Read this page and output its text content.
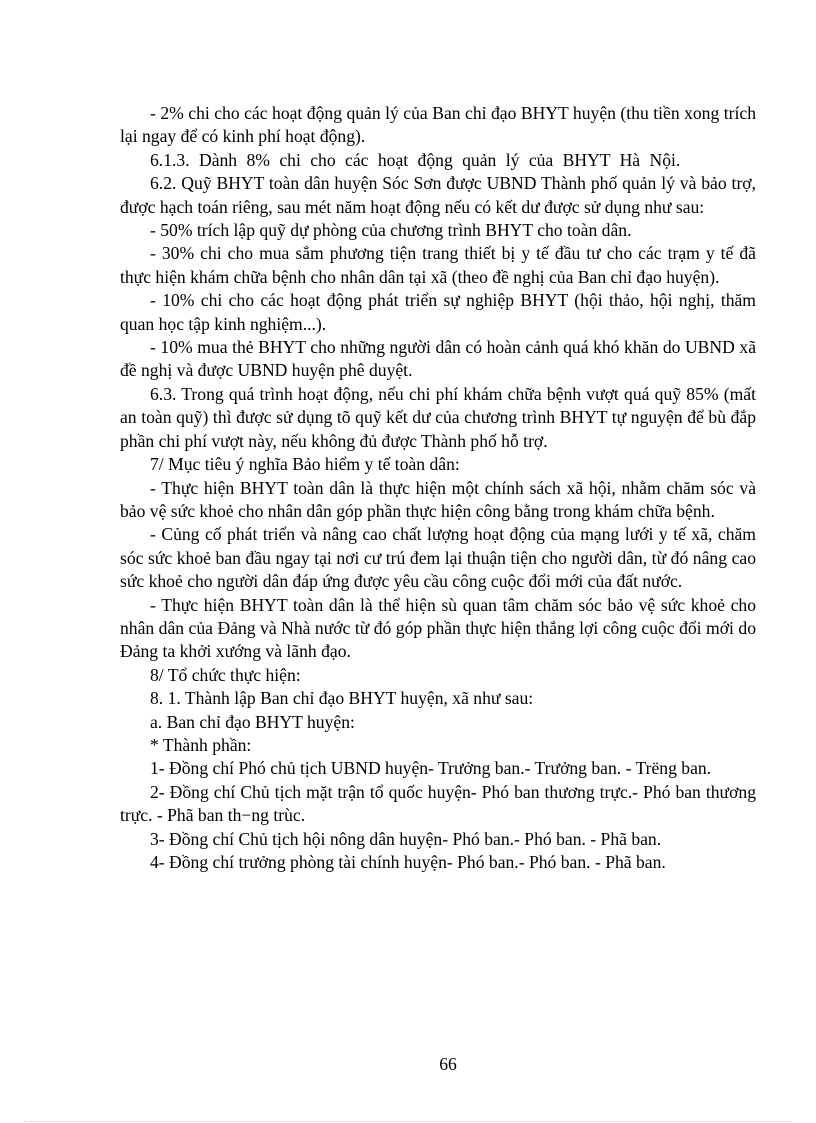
- 2% chi cho các hoạt động quản lý của Ban chỉ đạo BHYT huyện (thu tiền xong trích lại ngay để có kinh phí hoạt động).

6.1.3. Dành 8% chi cho các hoạt động quản lý của BHYT Hà Nội.

6.2. Quỹ BHYT toàn dân huyện Sóc Sơn được UBND Thành phố quản lý và bảo trợ, được hạch toán riêng, sau mét năm hoạt động nếu có kết dư được sử dụng như sau:

- 50% trích lập quỹ dự phòng của chương trình BHYT cho toàn dân.

- 30% chi cho mua sắm phương tiện trang thiết bị y tế đầu tư cho các trạm y tế đã thực hiện khám chữa bệnh cho nhân dân tại xã (theo đề nghị của Ban chỉ đạo huyện).

- 10% chi cho các hoạt động phát triển sự nghiệp BHYT (hội thảo, hội nghị, thăm quan học tập kinh nghiệm...).

- 10% mua thẻ BHYT cho những người dân có hoàn cảnh quá khó khăn do UBND xã đề nghị và được UBND huyện phê duyệt.

6.3. Trong quá trình hoạt động, nếu chi phí khám chữa bệnh vượt quá quỹ 85% (mất an toàn quỹ) thì được sử dụng tõ quỹ kết dư của chương trình BHYT tự nguyện để bù đắp phần chi phí vượt này, nếu không đủ được Thành phố hỗ trợ.

7/ Mục tiêu ý nghĩa Bảo hiểm y tế toàn dân:

- Thực hiện BHYT toàn dân là thực hiện một chính sách xã hội, nhằm chăm sóc và bảo vệ sức khoẻ cho nhân dân góp phần thực hiện công bằng trong khám chữa bệnh.

- Củng cố phát triển và nâng cao chất lượng hoạt động của mạng lưới y tế xã, chăm sóc sức khoẻ ban đầu ngay tại nơi cư trú đem lại thuận tiện cho người dân, từ đó nâng cao sức khoẻ cho người dân đáp ứng được yêu cầu công cuộc đổi mới của đất nước.

- Thực hiện BHYT toàn dân là thể hiện sù quan tâm chăm sóc bảo vệ sức khoẻ cho nhân dân của Đảng và Nhà nước từ đó góp phần thực hiện thắng lợi công cuộc đổi mới do Đảng ta khởi xướng và lãnh đạo.

8/ Tổ chức thực hiện:

8. 1. Thành lập Ban chỉ đạo BHYT huyện, xã như sau:

a. Ban chỉ đạo BHYT huyện:

* Thành phần:

1- Đồng chí Phó chủ tịch UBND huyện- Trưởng ban.- Trưởng ban. - Trëng ban.

2- Đồng chí Chủ tịch mặt trận tổ quốc huyện- Phó ban thương trực.- Phó ban thương trực. - Phã ban th−ng trùc.

3- Đồng chí Chủ tịch hội nông dân huyện- Phó ban.- Phó ban. - Phã ban.

4- Đồng chí trưởng phòng tài chính huyện- Phó ban.- Phó ban. - Phã ban.

66
